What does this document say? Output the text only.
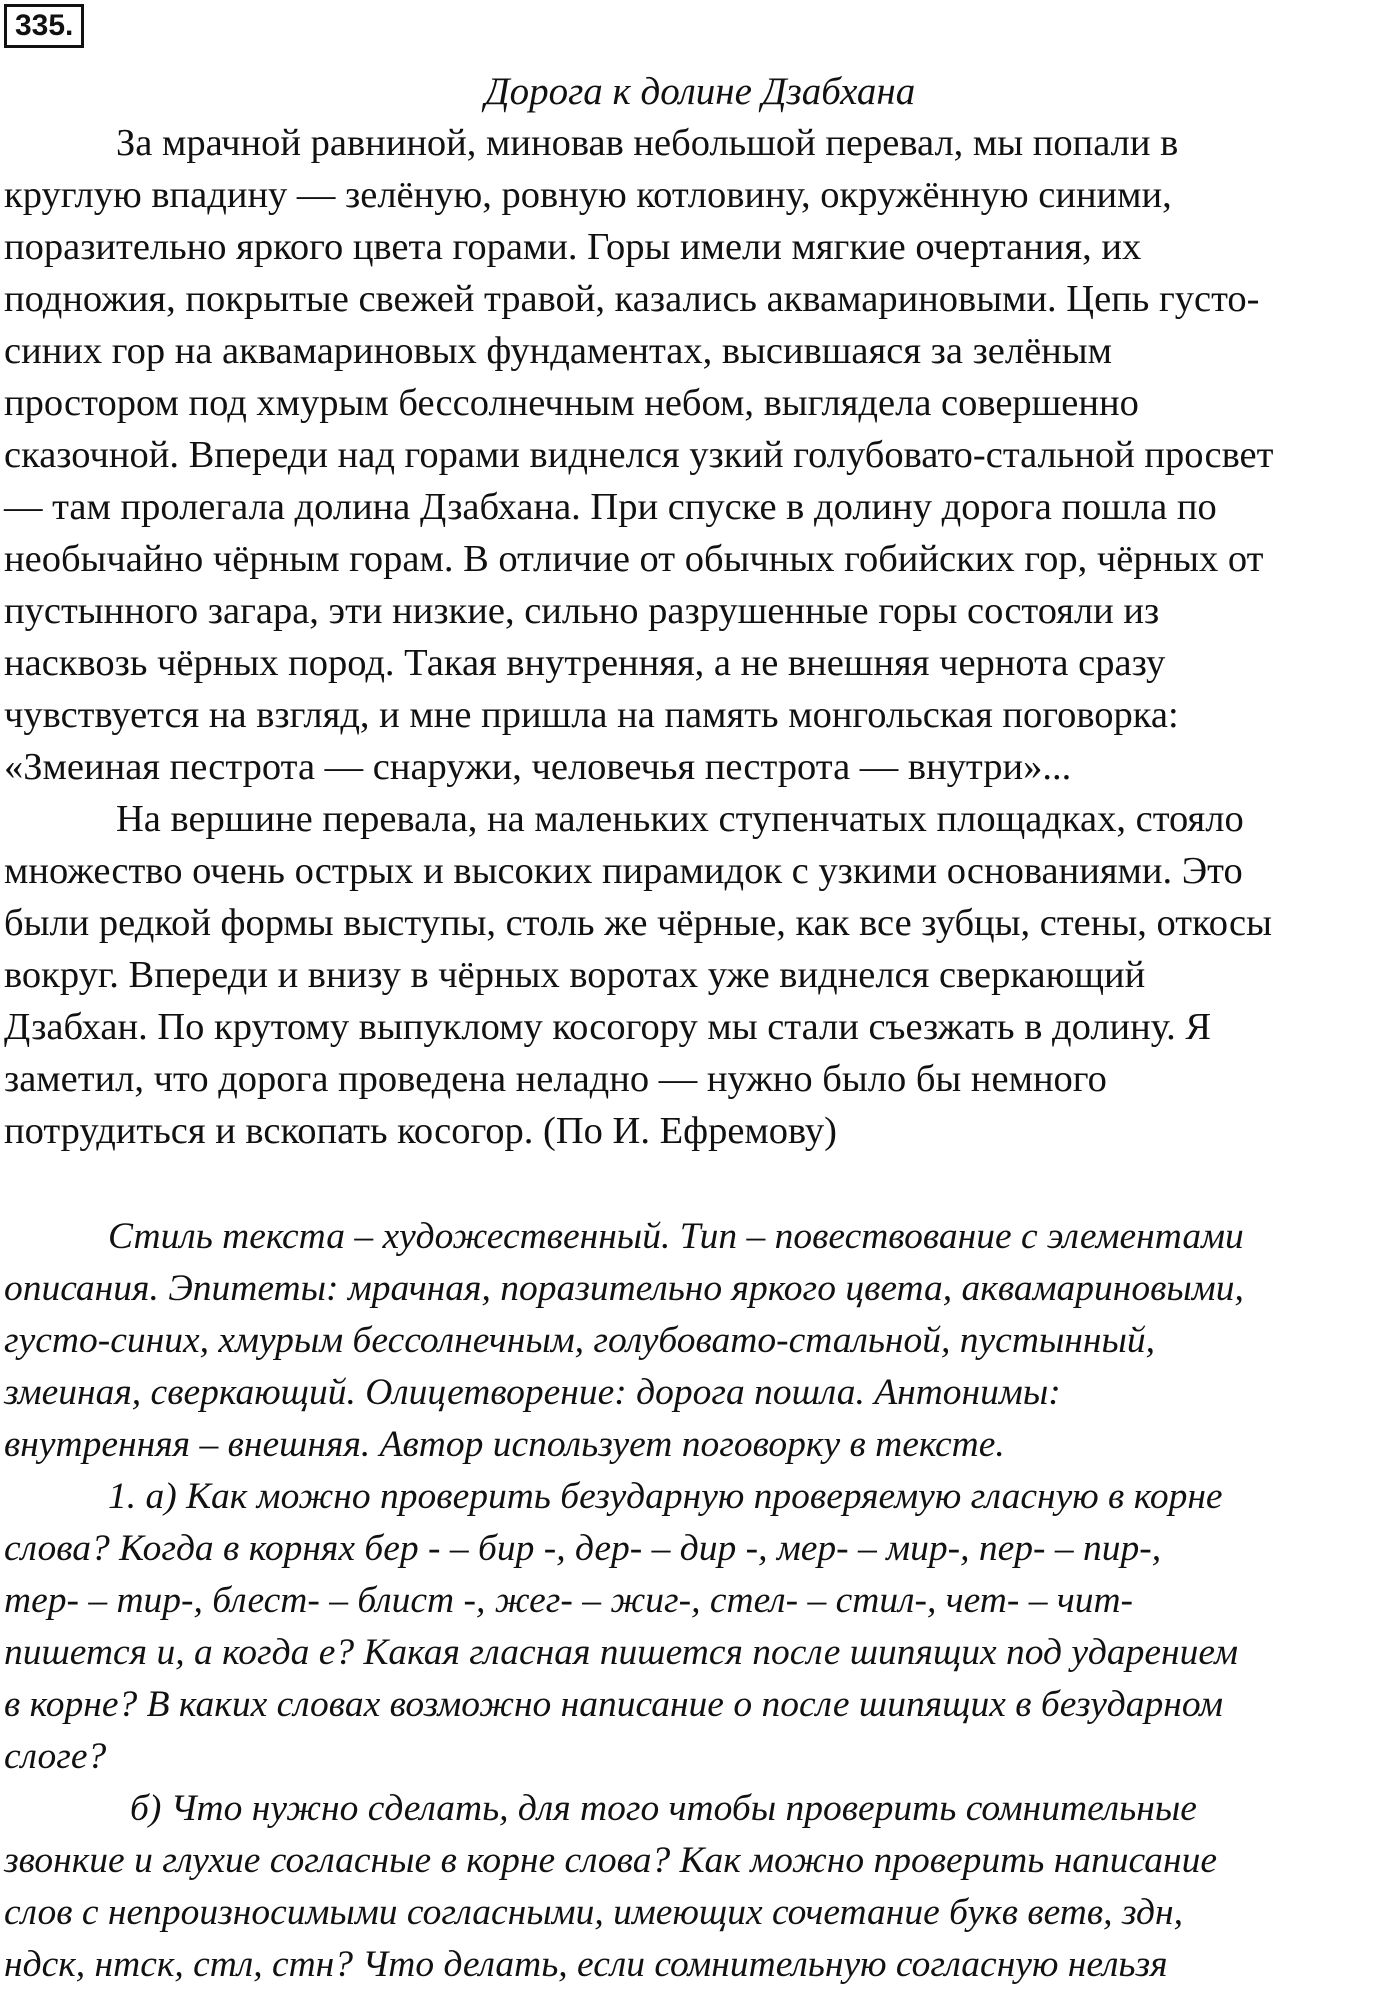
335.
Дорога к долине Дзабхана

За мрачной равниной, миновав небольшой перевал, мы попали в
круглую впадину — зелёную, ровную котловину, окружённую синими,
поразительно яркого цвета горами. Горы имели мягкие очертания, их
подножия, покрытые свежей травой, казались аквамариновыми. Цепь густо-
синих гор на аквамариновых фундаментах, высившаяся за зелёным
простором под хмурым бессолнечным небом, выглядела совершенно
сказочной. Впереди над горами виднелся узкий голубовато-стальной просвет
— там пролегала долина Дзабхана. При спуске в долину дорога пошла по
необычайно чёрным горам. В отличие от обычных гобийских гор, чёрных от
пустынного загара, эти низкие, сильно разрушенные горы состояли из
насквозь чёрных пород. Такая внутренняя, а не внешняя чернота сразу
чувствуется на взгляд, и мне пришла на память монгольская поговорка:
«Змеиная пестрота — снаружи, человечья пестрота — внутри»...

На вершине перевала, на маленьких ступенчатых площадках, стояло
множество очень острых и высоких пирамидок с узкими основаниями. Это
были редкой формы выступы, столь же чёрные, как все зубцы, стены, откосы
вокруг. Впереди и внизу в чёрных воротах уже виднелся сверкающий
Дзабхан. По крутому выпуклому косогору мы стали съезжать в долину. Я
заметил, что дорога проведена неладно — нужно было бы немного
потрудиться и вскопать косогор. (По И. Ефремову)

Стиль текста – художественный. Тип – повествование с элементами
описания. Эпитеты: мрачная, поразительно яркого цвета, аквамариновыми,
густо-синих, хмурым бессолнечным, голубовато-стальной, пустынный,
змеиная, сверкающий. Олицетворение: дорога пошла. Антонимы:
внутренняя – внешняя. Автор использует поговорку в тексте.

1. а) Как можно проверить безударную проверяемую гласную в корне
слова? Когда в корнях бер - – бир -, дер- – дир -, мер- – мир-, пер- – пир-,
тер- – тир-, блест- – блист -, жег- – жиг-, стел- – стил-, чет- – чит-
пишется и, а когда е? Какая гласная пишется после шипящих под ударением
в корне? В каких словах возможно написание о после шипящих в безударном
слоге?

б) Что нужно сделать, для того чтобы проверить сомнительные
звонкие и глухие согласные в корне слова? Как можно проверить написание
слов с непроизносимыми согласными, имеющих сочетание букв ветв, здн,
ндск, нтск, стл, стн? Что делать, если сомнительную согласную нельзя
